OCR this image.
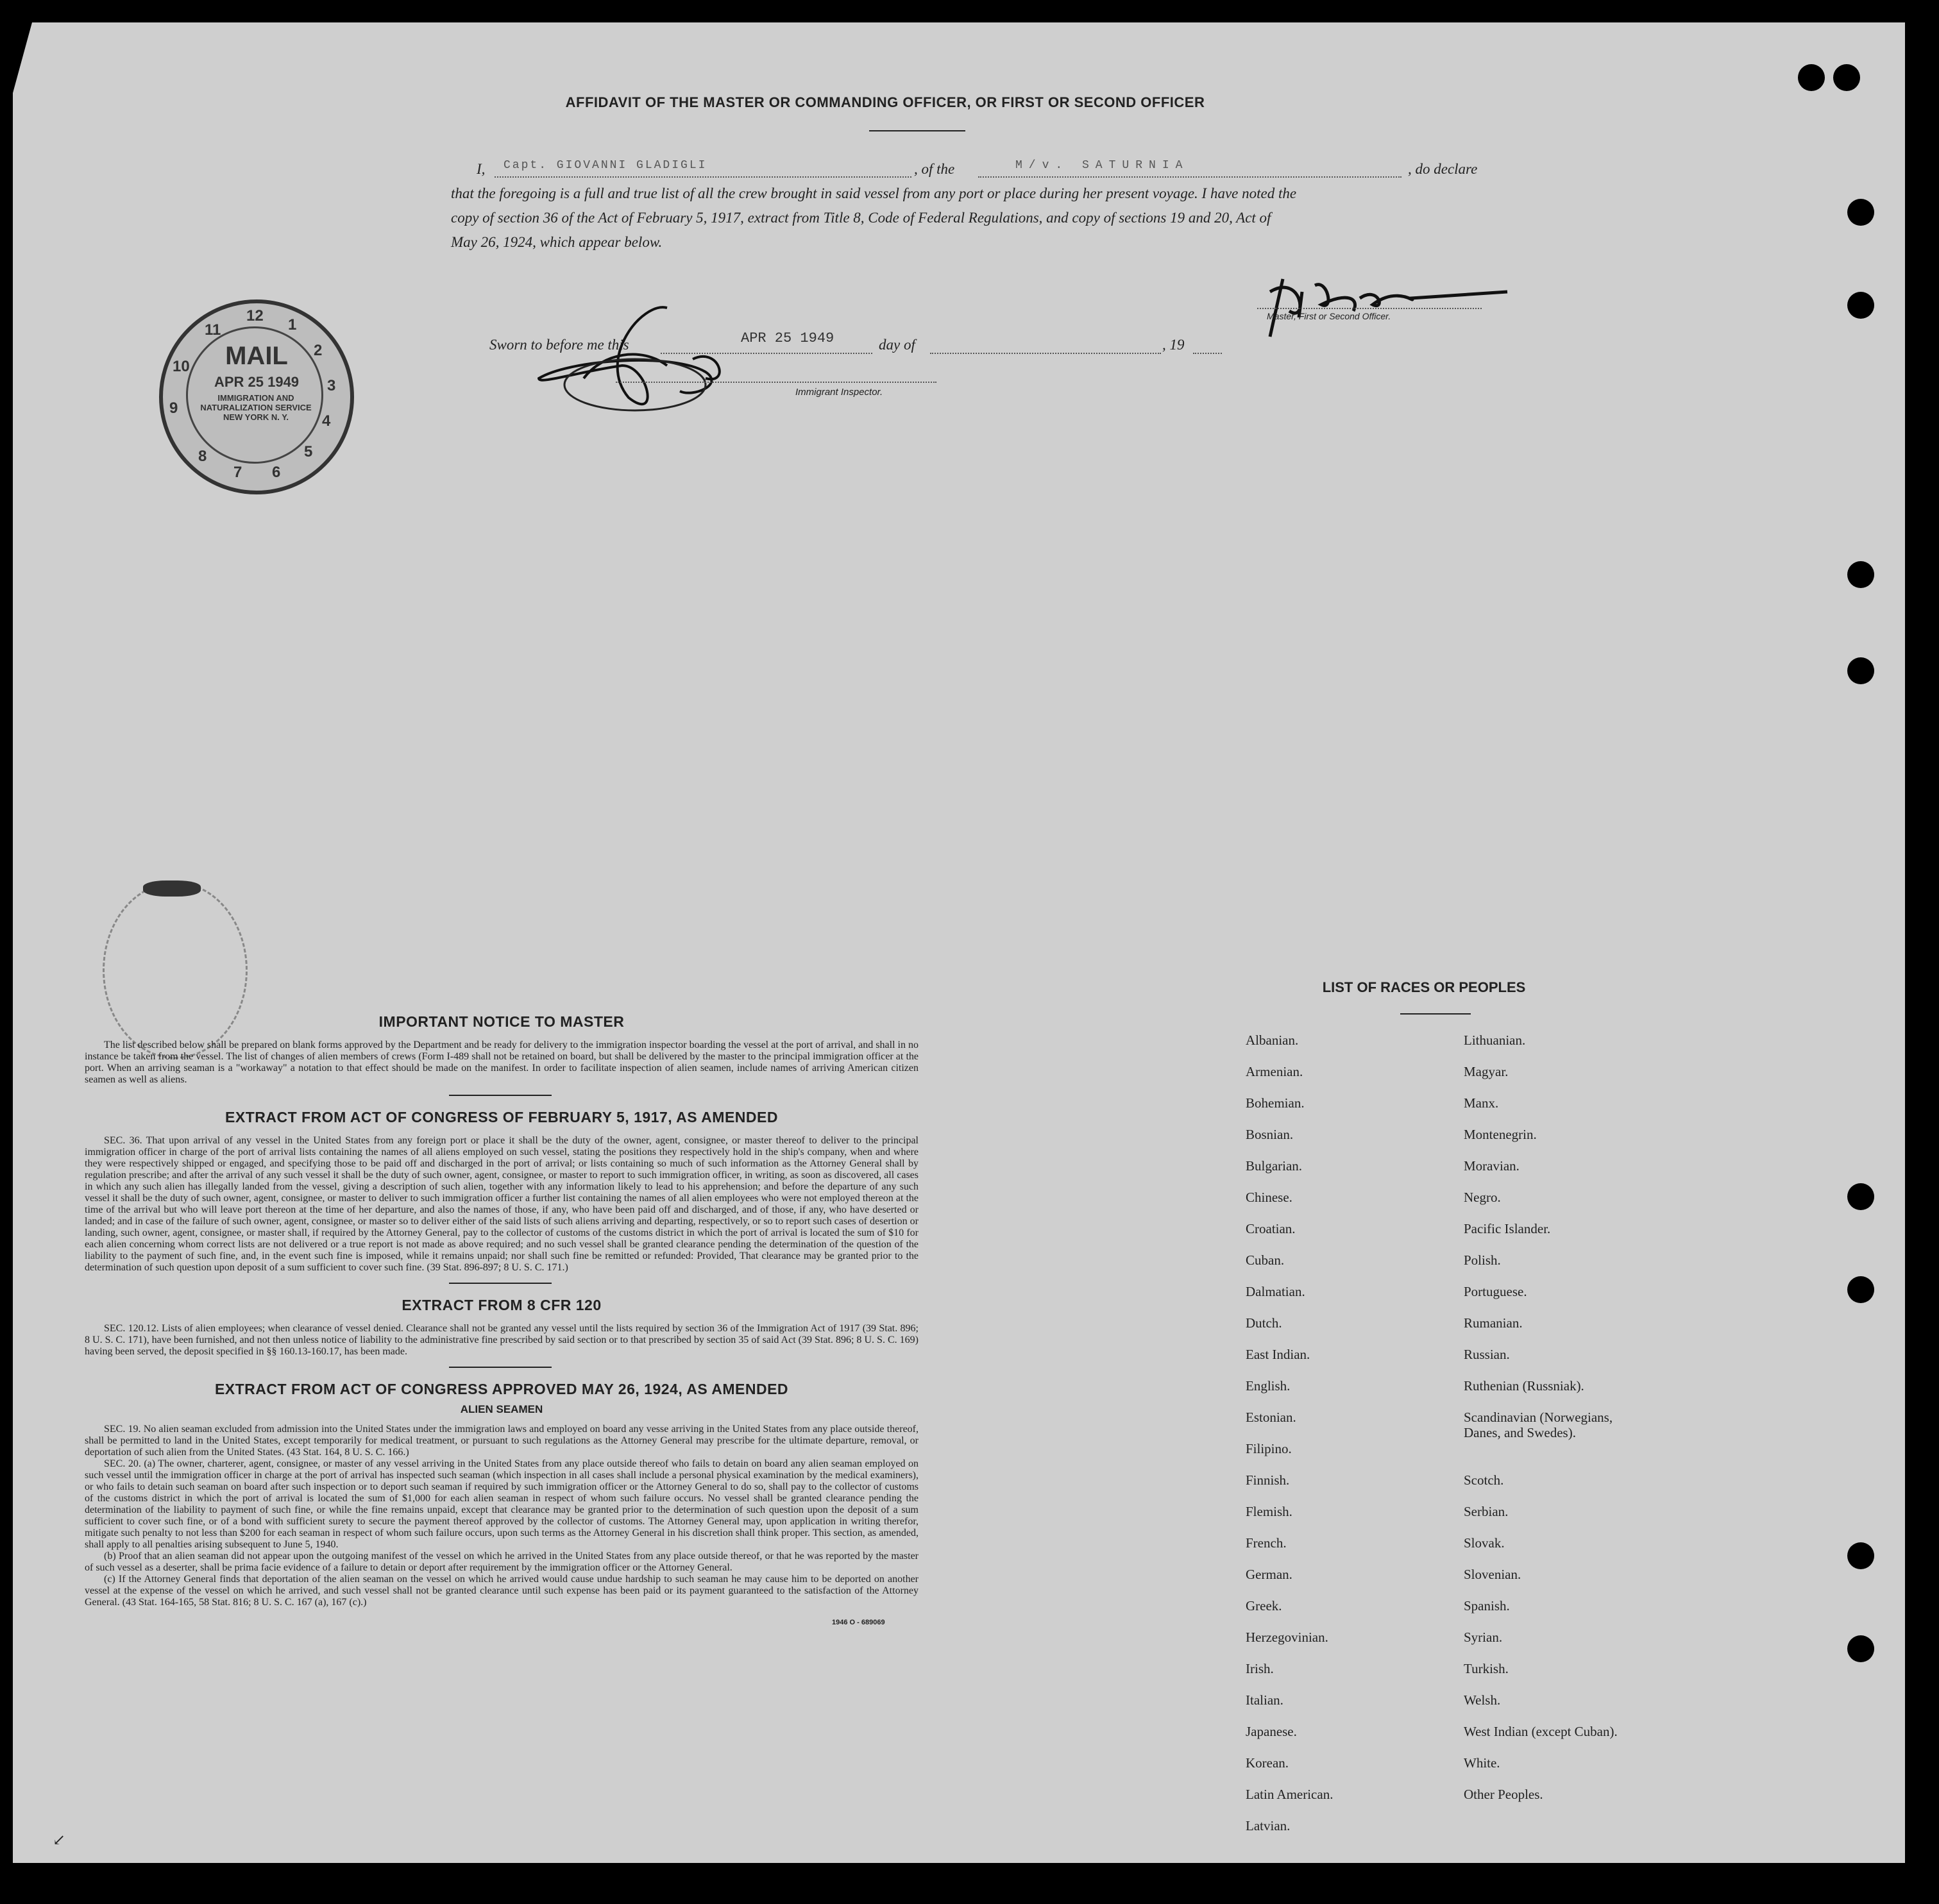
AFFIDAVIT OF THE MASTER OR COMMANDING OFFICER, OR FIRST OR SECOND OFFICER

I, Capt. GIOVANNI GLADIGLI	, of the	M/v. SATURNIA	, do declare

that the foregoing is a full and true list of all the crew brought in said vessel from any port or place during her present voyage. I have noted the

copy of section 36 of the Act of February 5, 1917, extract from Title 8, Code of Federal Regulations, and copy of sections 19 and 20, Act of

May 26, 1924, which appear below.

Master, First or Second Officer.
Sworn to before me this	APR 25 1949	day of	, 19
Immigrant Inspector.
MAIL
APR 25 1949
IMMIGRATION AND NATURALIZATION SERVICE NEW YORK N. Y.
12
1
2
3
4
5
6
7
8
9
10
11
IMPORTANT NOTICE TO MASTER

The list described below shall be prepared on blank forms approved by the Department and be ready for delivery to the immigration inspector boarding the vessel at the port of arrival, and shall in no instance be taken from the vessel. The list of changes of alien members of crews (Form I-489 shall not be retained on board, but shall be delivered by the master to the principal immigration officer at the port. When an arriving seaman is a "workaway" a notation to that effect should be made on the manifest. In order to facilitate inspection of alien seamen, include names of arriving American citizen seamen as well as aliens.

EXTRACT FROM ACT OF CONGRESS OF FEBRUARY 5, 1917, AS AMENDED

SEC. 36. That upon arrival of any vessel in the United States from any foreign port or place it shall be the duty of the owner, agent, consignee, or master thereof to deliver to the principal immigration officer in charge of the port of arrival lists containing the names of all aliens employed on such vessel, stating the positions they respectively hold in the ship's company, when and where they were respectively shipped or engaged, and specifying those to be paid off and discharged in the port of arrival; or lists containing so much of such information as the Attorney General shall by regulation prescribe; and after the arrival of any such vessel it shall be the duty of such owner, agent, consignee, or master to report to such immigration officer, in writing, as soon as discovered, all cases in which any such alien has illegally landed from the vessel, giving a description of such alien, together with any information likely to lead to his apprehension; and before the departure of any such vessel it shall be the duty of such owner, agent, consignee, or master to deliver to such immigration officer a further list containing the names of all alien employees who were not employed thereon at the time of the arrival but who will leave port thereon at the time of her departure, and also the names of those, if any, who have been paid off and discharged, and of those, if any, who have deserted or landed; and in case of the failure of such owner, agent, consignee, or master so to deliver either of the said lists of such aliens arriving and departing, respectively, or so to report such cases of desertion or landing, such owner, agent, consignee, or master shall, if required by the Attorney General, pay to the collector of customs of the customs district in which the port of arrival is located the sum of $10 for each alien concerning whom correct lists are not delivered or a true report is not made as above required; and no such vessel shall be granted clearance pending the determination of the question of the liability to the payment of such fine, and, in the event such fine is imposed, while it remains unpaid; nor shall such fine be remitted or refunded: Provided, That clearance may be granted prior to the determination of such question upon deposit of a sum sufficient to cover such fine. (39 Stat. 896-897; 8 U. S. C. 171.)

EXTRACT FROM 8 CFR 120

SEC. 120.12. Lists of alien employees; when clearance of vessel denied. Clearance shall not be granted any vessel until the lists required by section 36 of the Immigration Act of 1917 (39 Stat. 896; 8 U. S. C. 171), have been furnished, and not then unless notice of liability to the administrative fine prescribed by said section or to that prescribed by section 35 of said Act (39 Stat. 896; 8 U. S. C. 169) having been served, the deposit specified in §§ 160.13-160.17, has been made.

EXTRACT FROM ACT OF CONGRESS APPROVED MAY 26, 1924, AS AMENDED
ALIEN SEAMEN

SEC. 19. No alien seaman excluded from admission into the United States under the immigration laws and employed on board any vesse arriving in the United States from any place outside thereof, shall be permitted to land in the United States, except temporarily for medical treatment, or pursuant to such regulations as the Attorney General may prescribe for the ultimate departure, removal, or deportation of such alien from the United States. (43 Stat. 164, 8 U. S. C. 166.)

SEC. 20. (a) The owner, charterer, agent, consignee, or master of any vessel arriving in the United States from any place outside thereof who fails to detain on board any alien seaman employed on such vessel until the immigration officer in charge at the port of arrival has inspected such seaman (which inspection in all cases shall include a personal physical examination by the medical examiners), or who fails to detain such seaman on board after such inspection or to deport such seaman if required by such immigration officer or the Attorney General to do so, shall pay to the collector of customs of the customs district in which the port of arrival is located the sum of $1,000 for each alien seaman in respect of whom such failure occurs. No vessel shall be granted clearance pending the determination of the liability to payment of such fine, or while the fine remains unpaid, except that clearance may be granted prior to the determination of such question upon the deposit of a sum sufficient to cover such fine, or of a bond with sufficient surety to secure the payment thereof approved by the collector of customs. The Attorney General may, upon application in writing therefor, mitigate such penalty to not less than $200 for each seaman in respect of whom such failure occurs, upon such terms as the Attorney General in his discretion shall think proper. This section, as amended, shall apply to all penalties arising subsequent to June 5, 1940.

(b) Proof that an alien seaman did not appear upon the outgoing manifest of the vessel on which he arrived in the United States from any place outside thereof, or that he was reported by the master of such vessel as a deserter, shall be prima facie evidence of a failure to detain or deport after requirement by the immigration officer or the Attorney General.

(c) If the Attorney General finds that deportation of the alien seaman on the vessel on which he arrived would cause undue hardship to such seaman he may cause him to be deported on another vessel at the expense of the vessel on which he arrived, and such vessel shall not be granted clearance until such expense has been paid or its payment guaranteed to the satisfaction of the Attorney General. (43 Stat. 164-165, 58 Stat. 816; 8 U. S. C. 167 (a), 167 (c).)

1946 O - 689069
LIST OF RACES OR PEOPLES
Albanian.
Armenian.
Bohemian.
Bosnian.
Bulgarian.
Chinese.
Croatian.
Cuban.
Dalmatian.
Dutch.
East Indian.
English.
Estonian.
Filipino.
Finnish.
Flemish.
French.
German.
Greek.
Herzegovinian.
Irish.
Italian.
Japanese.
Korean.
Latin American.
Latvian.
Lithuanian.
Magyar.
Manx.
Montenegrin.
Moravian.
Negro.
Pacific Islander.
Polish.
Portuguese.
Rumanian.
Russian.
Ruthenian (Russniak).
Scandinavian (Norwegians, Danes, and Swedes).
Scotch.
Serbian.
Slovak.
Slovenian.
Spanish.
Syrian.
Turkish.
Welsh.
West Indian (except Cuban).
White.
Other Peoples.
↙
